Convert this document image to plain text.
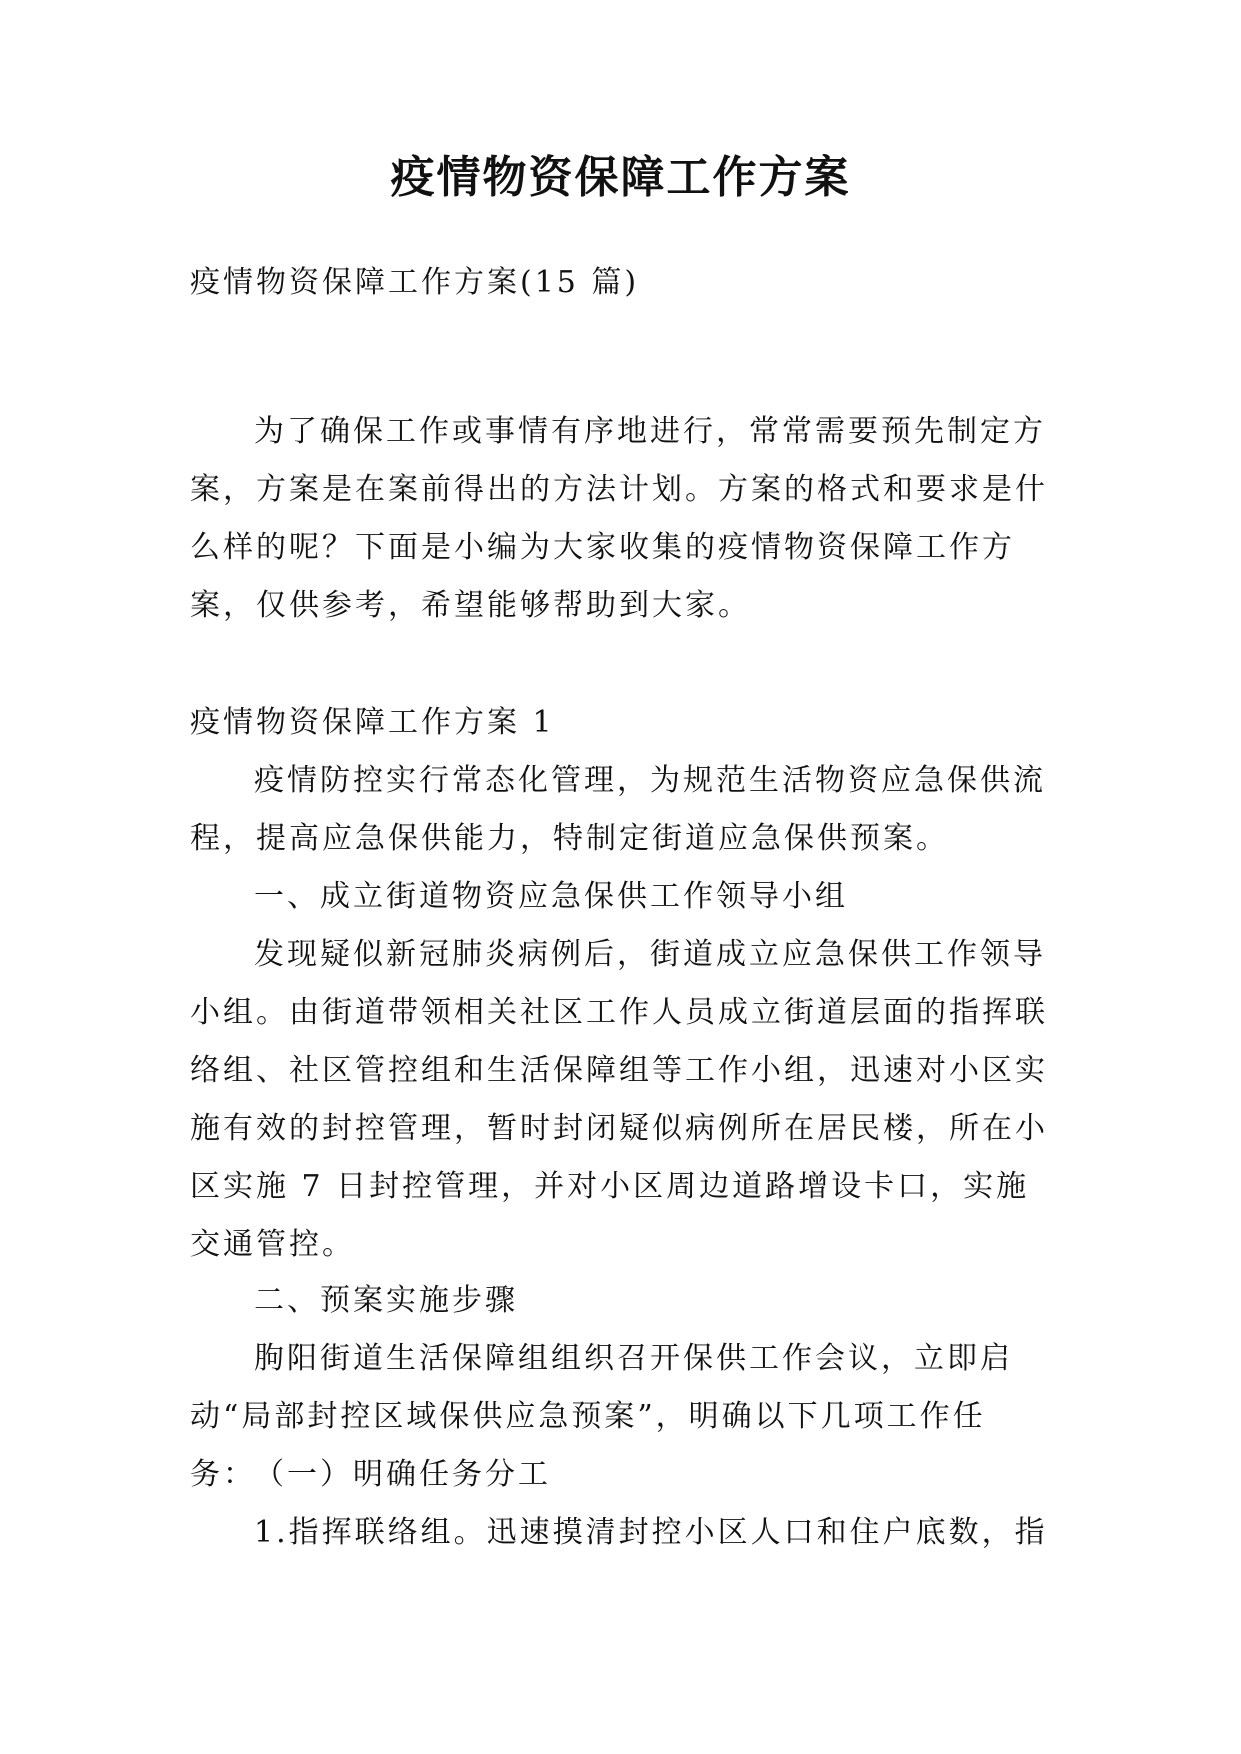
疫情物资保障工作方案

疫情物资保障工作方案(15 篇)

为了确保工作或事情有序地进行，常常需要预先制定方案，方案是在案前得出的方法计划。方案的格式和要求是什么样的呢？下面是小编为大家收集的疫情物资保障工作方案，仅供参考，希望能够帮助到大家。

疫情物资保障工作方案 1

疫情防控实行常态化管理，为规范生活物资应急保供流程，提高应急保供能力，特制定街道应急保供预案。

一、成立街道物资应急保供工作领导小组

发现疑似新冠肺炎病例后，街道成立应急保供工作领导小组。由街道带领相关社区工作人员成立街道层面的指挥联络组、社区管控组和生活保障组等工作小组，迅速对小区实施有效的封控管理，暂时封闭疑似病例所在居民楼，所在小区实施 7 日封控管理，并对小区周边道路增设卡口，实施交通管控。

二、预案实施步骤

朐阳街道生活保障组组织召开保供工作会议，立即启动“局部封控区域保供应急预案”，明确以下几项工作任务：

（一）明确任务分工

1.指挥联络组。迅速摸清封控小区人口和住户底数，指
